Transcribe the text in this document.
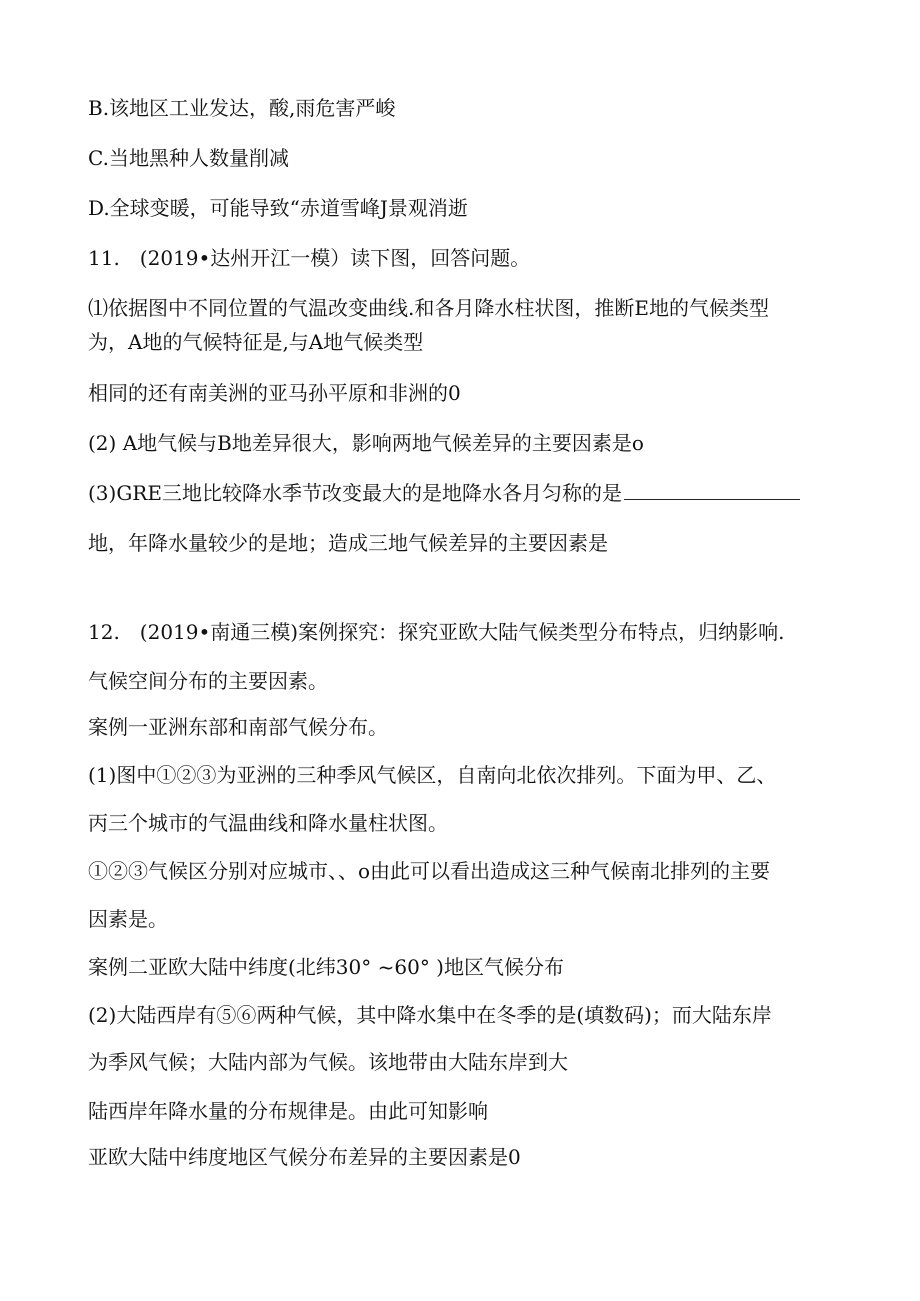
B.该地区工业发达，酸,雨危害严峻
C.当地黑种人数量削减
D.全球变暖，可能导致“赤道雪峰J景观消逝
11.　(2019•达州开江一模）读下图，回答问题。
⑴依据图中不同位置的气温改变曲线.和各月降水柱状图，推断E地的气候类型
为，A地的气候特征是,与A地气候类型
相同的还有南美洲的亚马孙平原和非洲的0
(2) A地气候与B地差异很大，影响两地气候差异的主要因素是o
(3)GRE三地比较降水季节改变最大的是地降水各月匀称的是
地，年降水量较少的是地；造成三地气候差异的主要因素是
12.　(2019•南通三模)案例探究：探究亚欧大陆气候类型分布特点，归纳影响.
气候空间分布的主要因素。
案例一亚洲东部和南部气候分布。
(1)图中①②③为亚洲的三种季风气候区，自南向北依次排列。下面为甲、乙、
丙三个城市的气温曲线和降水量柱状图。
①②③气候区分别对应城市、、o由此可以看出造成这三种气候南北排列的主要
因素是。
案例二亚欧大陆中纬度(北纬30° ~60° )地区气候分布
(2)大陆西岸有⑤⑥两种气候，其中降水集中在冬季的是(填数码)；而大陆东岸
为季风气候；大陆内部为气候。该地带由大陆东岸到大
陆西岸年降水量的分布规律是。由此可知影响
亚欧大陆中纬度地区气候分布差异的主要因素是0
